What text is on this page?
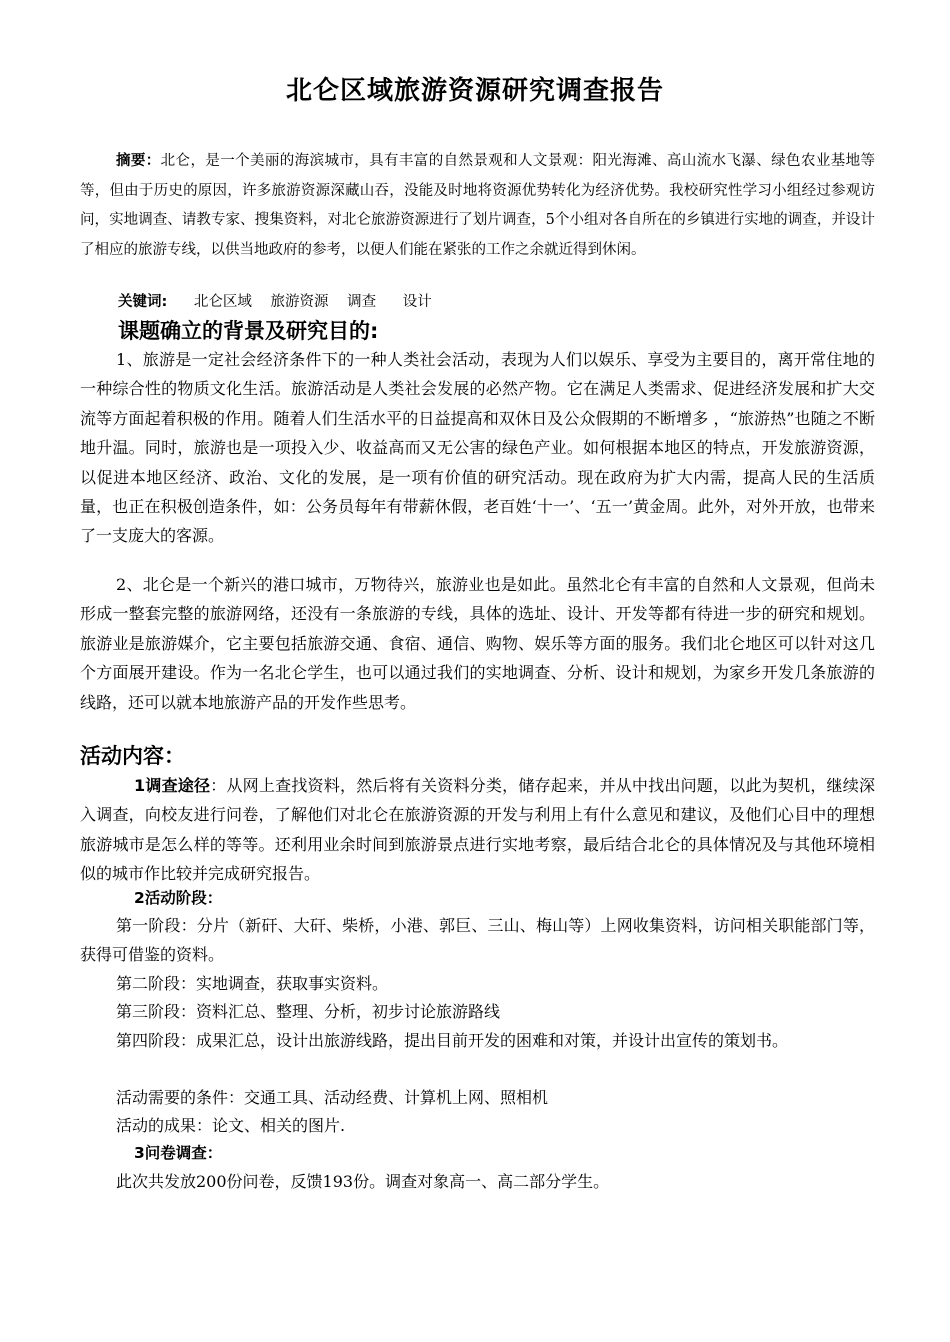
北仑区域旅游资源研究调查报告
摘要：北仑，是一个美丽的海滨城市，具有丰富的自然景观和人文景观：阳光海滩、高山流水飞瀑、绿色农业基地等等，但由于历史的原因，许多旅游资源深藏山吞，没能及时地将资源优势转化为经济优势。我校研究性学习小组经过参观访问，实地调查、请教专家、搜集资料，对北仑旅游资源进行了划片调查，5个小组对各自所在的乡镇进行实地的调查，并设计了相应的旅游专线，以供当地政府的参考，以便人们能在紧张的工作之余就近得到休闲。
关键词: 北仑区域 旅游资源 调查 设计
课题确立的背景及研究目的:
1、旅游是一定社会经济条件下的一种人类社会活动，表现为人们以娱乐、享受为主要目的，离开常住地的一种综合性的物质文化生活。旅游活动是人类社会发展的必然产物。它在满足人类需求、促进经济发展和扩大交流等方面起着积极的作用。随着人们生活水平的日益提高和双休日及公众假期的不断增多 ，“旅游热”也随之不断地升温。同时，旅游也是一项投入少、收益高而又无公害的绿色产业。如何根据本地区的特点，开发旅游资源，以促进本地区经济、政治、文化的发展，是一项有价值的研究活动。现在政府为扩大内需，提高人民的生活质量，也正在积极创造条件，如：公务员每年有带薪休假，老百姓‘十一’、‘五一’黄金周。此外，对外开放，也带来了一支庞大的客源。
2、北仑是一个新兴的港口城市，万物待兴，旅游业也是如此。虽然北仑有丰富的自然和人文景观，但尚未形成一整套完整的旅游网络，还没有一条旅游的专线，具体的选址、设计、开发等都有待进一步的研究和规划。旅游业是旅游媒介，它主要包括旅游交通、食宿、通信、购物、娱乐等方面的服务。我们北仑地区可以针对这几个方面展开建设。作为一名北仑学生，也可以通过我们的实地调查、分析、设计和规划，为家乡开发几条旅游的线路，还可以就本地旅游产品的开发作些思考。
活动内容：
1调查途径：从网上查找资料，然后将有关资料分类，储存起来，并从中找出问题，以此为契机，继续深入调查，向校友进行问卷，了解他们对北仑在旅游资源的开发与利用上有什么意见和建议，及他们心目中的理想旅游城市是怎么样的等等。还利用业余时间到旅游景点进行实地考察，最后结合北仑的具体情况及与其他环境相似的城市作比较并完成研究报告。
2活动阶段：
第一阶段：分片（新矸、大矸、柴桥，小港、郭巨、三山、梅山等）上网收集资料，访问相关职能部门等，获得可借鉴的资料。
第二阶段：实地调查，获取事实资料。
第三阶段：资料汇总、整理、分析，初步讨论旅游路线
第四阶段：成果汇总，设计出旅游线路，提出目前开发的困难和对策，并设计出宣传的策划书。
活动需要的条件：交通工具、活动经费、计算机上网、照相机
活动的成果：论文、相关的图片.
3问卷调查：
此次共发放200份问卷，反馈193份。调查对象高一、高二部分学生。
